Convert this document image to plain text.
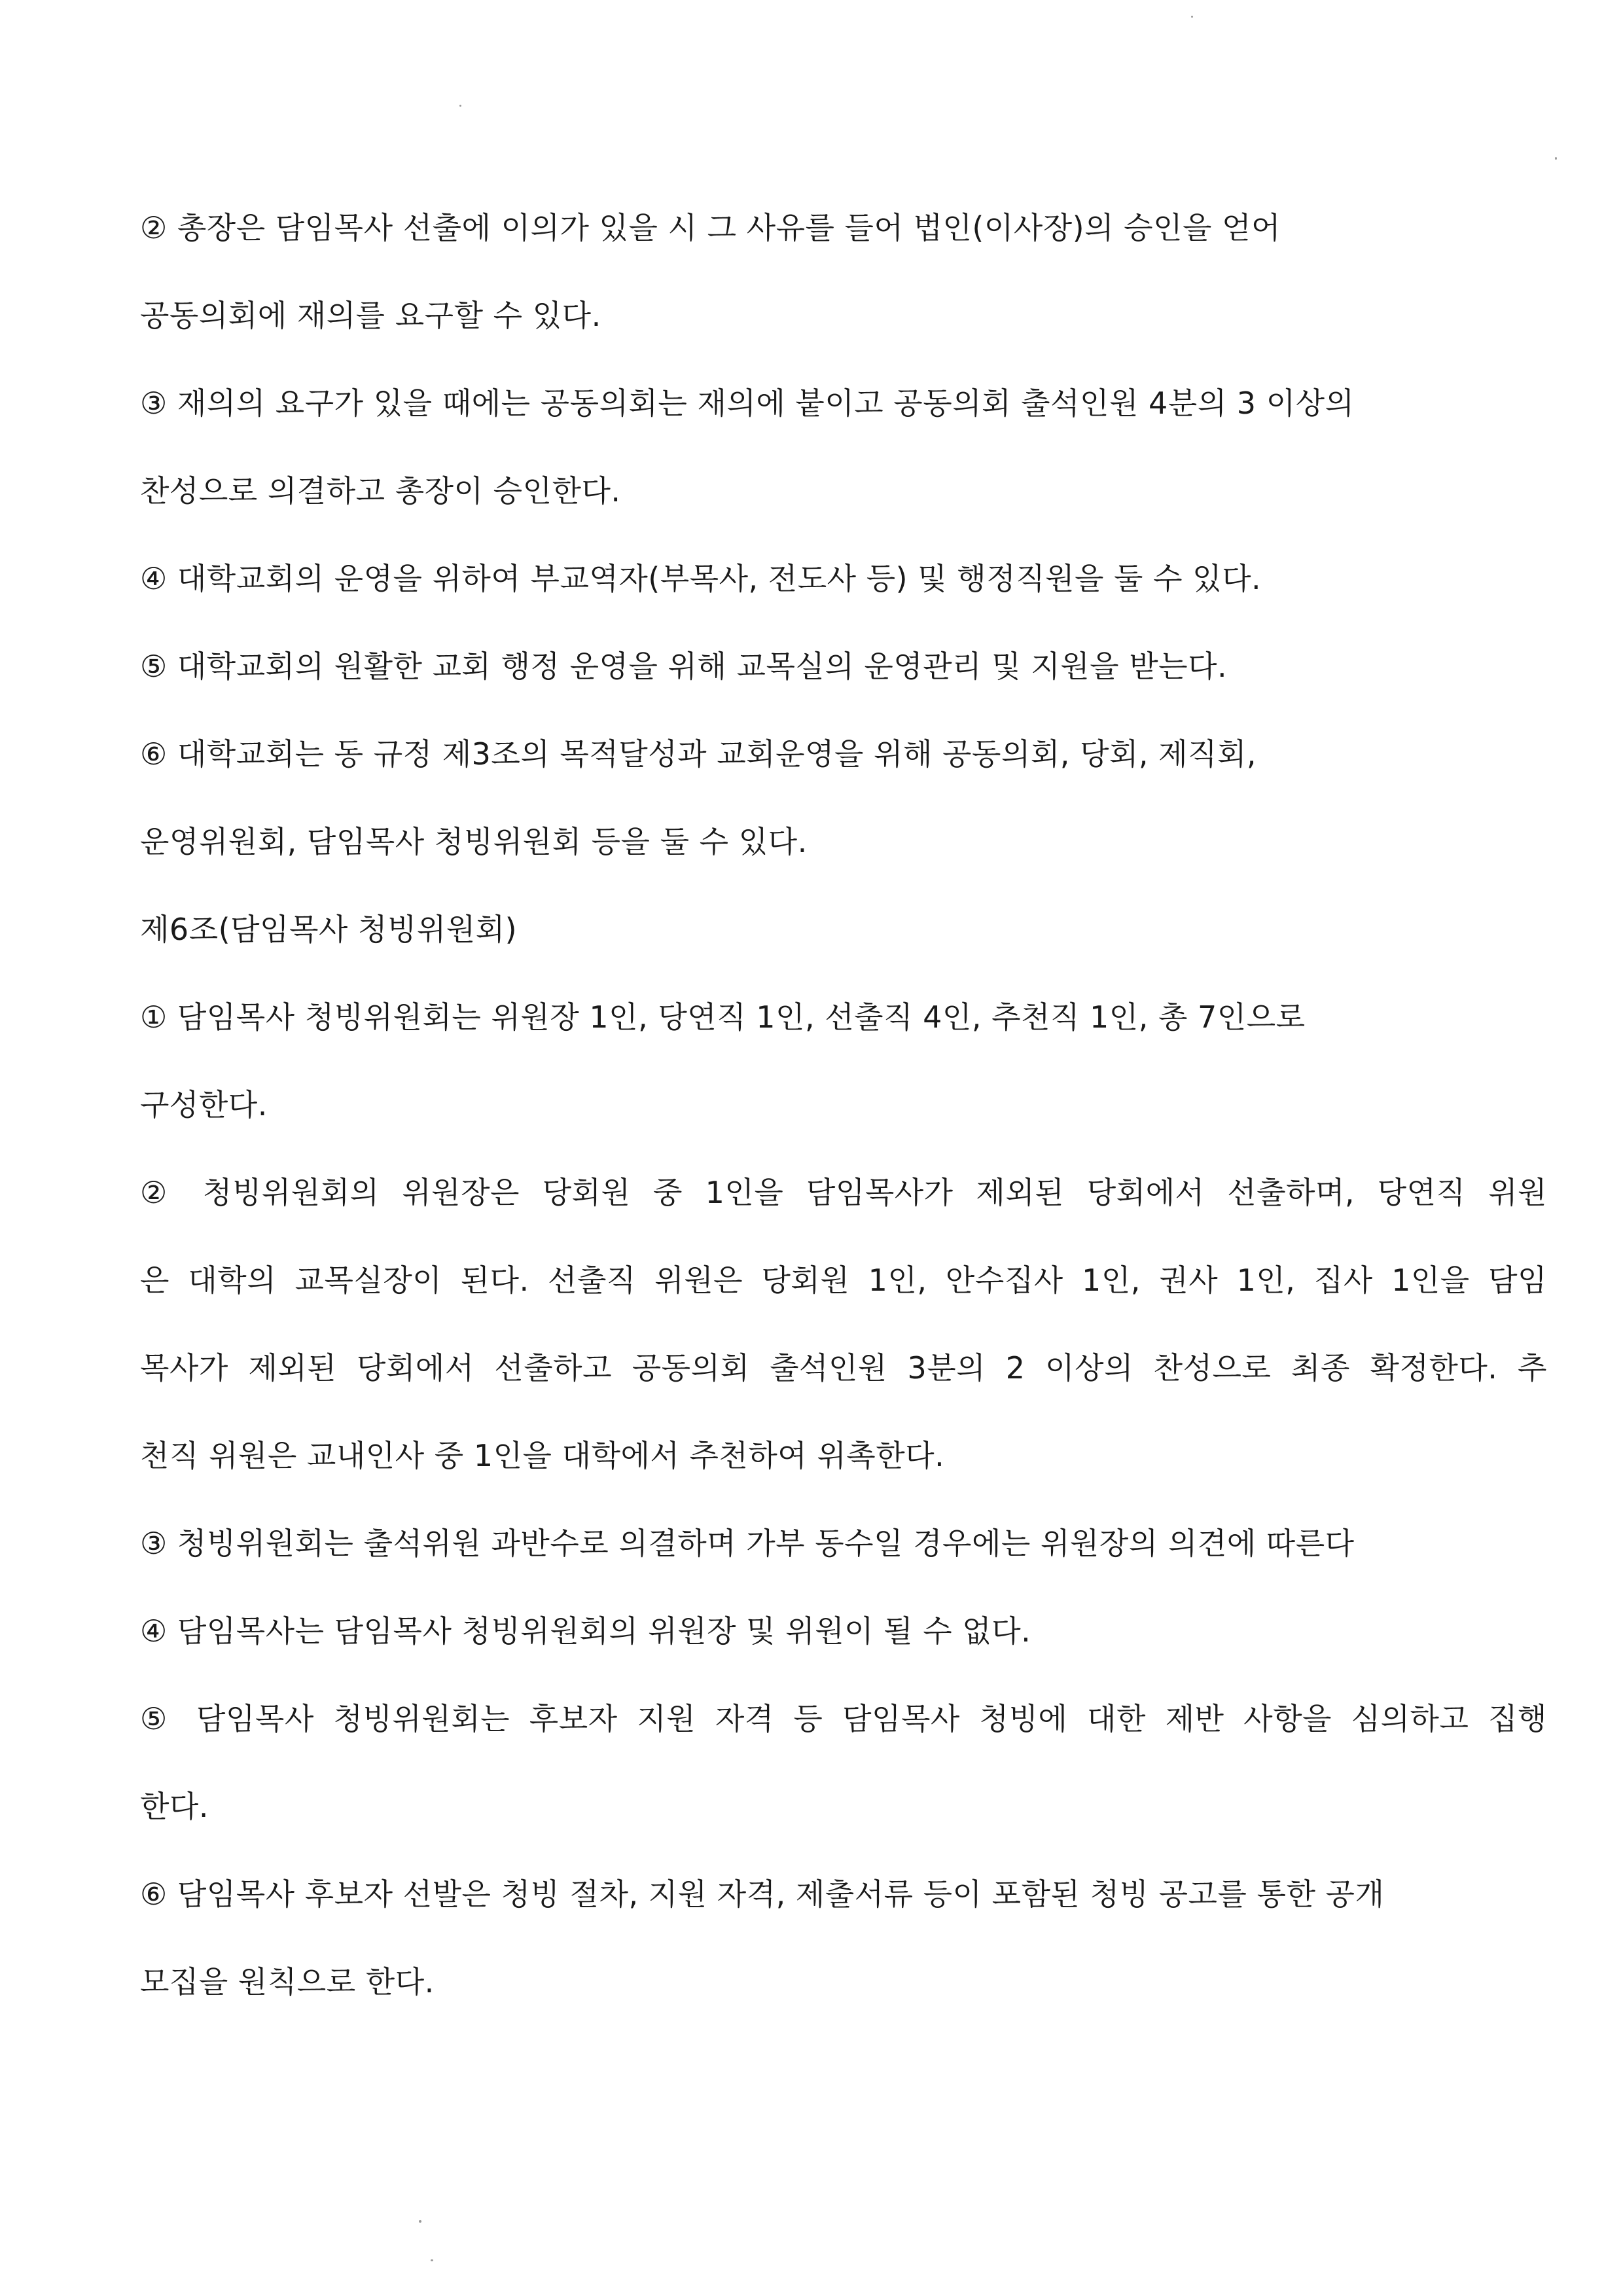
② 총장은 담임목사 선출에 이의가 있을 시 그 사유를 들어 법인(이사장)의 승인을 얻어
공동의회에 재의를 요구할 수 있다.
③ 재의의 요구가 있을 때에는 공동의회는 재의에 붙이고 공동의회 출석인원 4분의 3 이상의
찬성으로 의결하고 총장이 승인한다.
④ 대학교회의 운영을 위하여 부교역자(부목사, 전도사 등) 및 행정직원을 둘 수 있다.
⑤ 대학교회의 원활한 교회 행정 운영을 위해 교목실의 운영관리 및 지원을 받는다.
⑥ 대학교회는 동 규정 제3조의 목적달성과 교회운영을 위해 공동의회, 당회, 제직회,
운영위원회, 담임목사 청빙위원회 등을 둘 수 있다.
제6조(담임목사 청빙위원회)
① 담임목사 청빙위원회는 위원장 1인, 당연직 1인, 선출직 4인, 추천직 1인, 총 7인으로
구성한다.
② 청빙위원회의 위원장은 당회원 중 1인을 담임목사가 제외된 당회에서 선출하며, 당연직 위원
은 대학의 교목실장이 된다. 선출직 위원은 당회원 1인, 안수집사 1인, 권사 1인, 집사 1인을 담임
목사가 제외된 당회에서 선출하고 공동의회 출석인원 3분의 2 이상의 찬성으로 최종 확정한다. 추
천직 위원은 교내인사 중 1인을 대학에서 추천하여 위촉한다.
③ 청빙위원회는 출석위원 과반수로 의결하며 가부 동수일 경우에는 위원장의 의견에 따른다
④ 담임목사는 담임목사 청빙위원회의 위원장 및 위원이 될 수 없다.
⑤ 담임목사 청빙위원회는 후보자 지원 자격 등 담임목사 청빙에 대한 제반 사항을 심의하고 집행
한다.
⑥ 담임목사 후보자 선발은 청빙 절차, 지원 자격, 제출서류 등이 포함된 청빙 공고를 통한 공개
모집을 원칙으로 한다.
